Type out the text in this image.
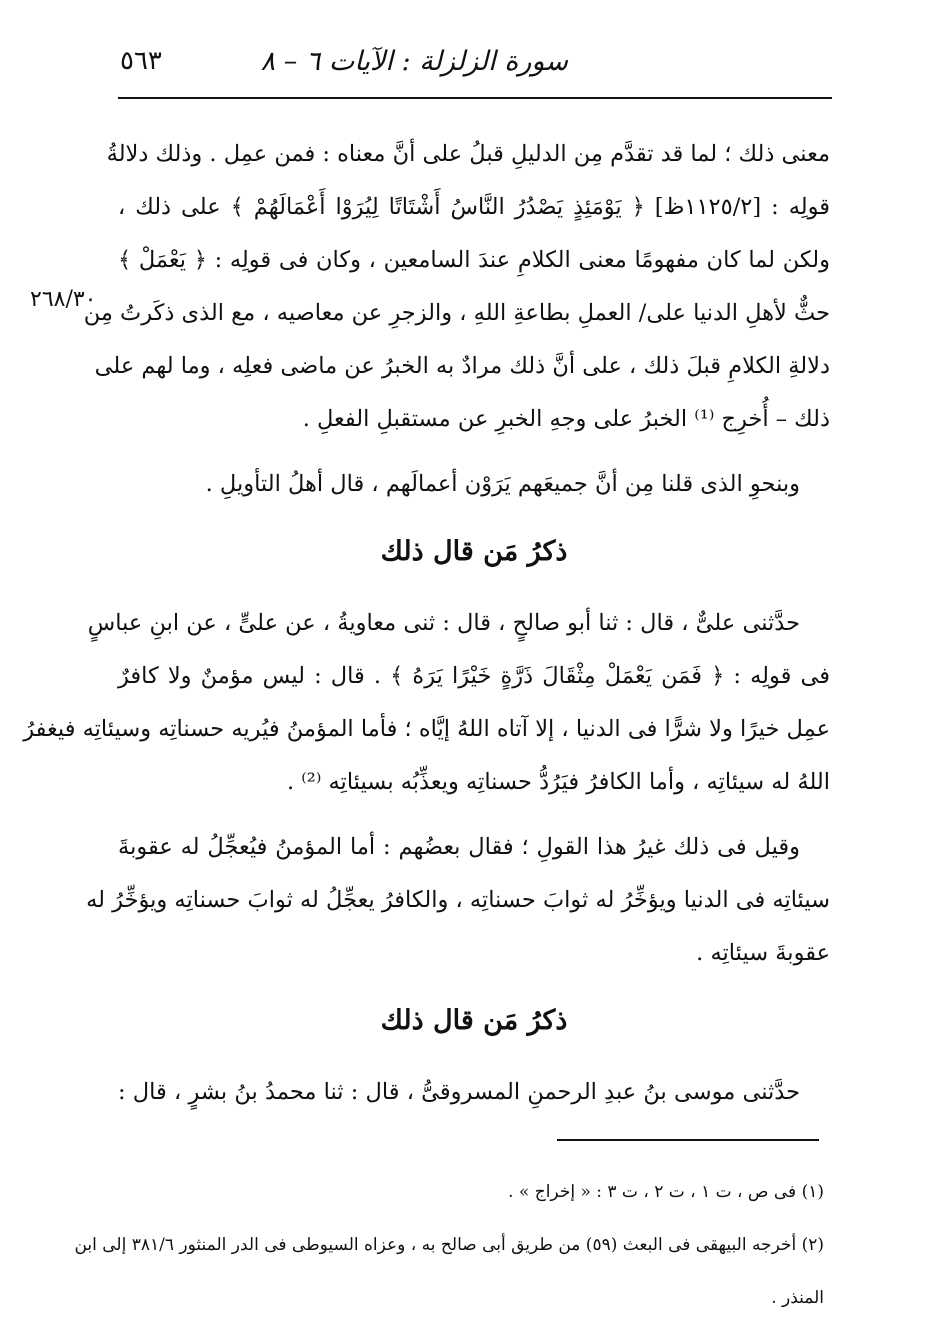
سورة الزلزلة : الآيات ٦ – ٨
٥٦٣
٢٦٨/٣٠

معنى ذلك ؛ لما قد تقدَّم مِن الدليلِ قبلُ على أنَّ معناه : فمن عمِل . وذلك دلالةُ
قولِه : [١١٢٥/٢ظ] ﴿ يَوْمَئِذٍ يَصْدُرُ النَّاسُ أَشْتَاتًا لِيُرَوْا أَعْمَالَهُمْ ﴾ على ذلك ،
ولكن لما كان مفهومًا معنى الكلامِ عندَ السامعين ، وكان فى قولِه : ﴿ يَعْمَلْ ﴾
حثٌّ لأهلِ الدنيا على/ العملِ بطاعةِ اللهِ ، والزجرِ عن معاصيه ، مع الذى ذكَرتُ مِن
دلالةِ الكلامِ قبلَ ذلك ، على أنَّ ذلك مرادٌ به الخبرُ عن ماضى فعلِه ، وما لهم على
ذلك – أُخرِج ⁽¹⁾ الخبرُ على وجهِ الخبرِ عن مستقبلِ الفعلِ .

وبنحوِ الذى قلنا مِن أنَّ جميعَهم يَرَوْن أعمالَهم ، قال أهلُ التأويلِ .

ذكرُ مَن قال ذلك

حدَّثنى علىٌّ ، قال : ثنا أبو صالحٍ ، قال : ثنى معاويةُ ، عن علىٍّ ، عن ابنِ عباسٍ
فى قولِه : ﴿ فَمَن يَعْمَلْ مِثْقَالَ ذَرَّةٍ خَيْرًا يَرَهُ ﴾ . قال : ليس مؤمنٌ ولا كافرٌ
عمِل خيرًا ولا شرًّا فى الدنيا ، إلا آتاه اللهُ إيَّاه ؛ فأما المؤمنُ فيُريه حسناتِه وسيئاتِه فيغفرُ
اللهُ له سيئاتِه ، وأما الكافرُ فيَرُدُّ حسناتِه ويعذِّبُه بسيئاتِه ⁽²⁾ .

وقيل فى ذلك غيرُ هذا القولِ ؛ فقال بعضُهم : أما المؤمنُ فيُعجِّلُ له عقوبةَ
سيئاتِه فى الدنيا ويؤخِّرُ له ثوابَ حسناتِه ، والكافرُ يعجِّلُ له ثوابَ حسناتِه ويؤخِّرُ له
عقوبةَ سيئاتِه .

ذكرُ مَن قال ذلك

حدَّثنى موسى بنُ عبدِ الرحمنِ المسروقىُّ ، قال : ثنا محمدُ بنُ بشرٍ ، قال :

(١) فى ص ، ت ١ ، ت ٢ ، ت ٣ : « إخراج » .
(٢) أخرجه البيهقى فى البعث (٥٩) من طريق أبى صالح به ، وعزاه السيوطى فى الدر المنثور ٣٨١/٦ إلى ابن
المنذر .
